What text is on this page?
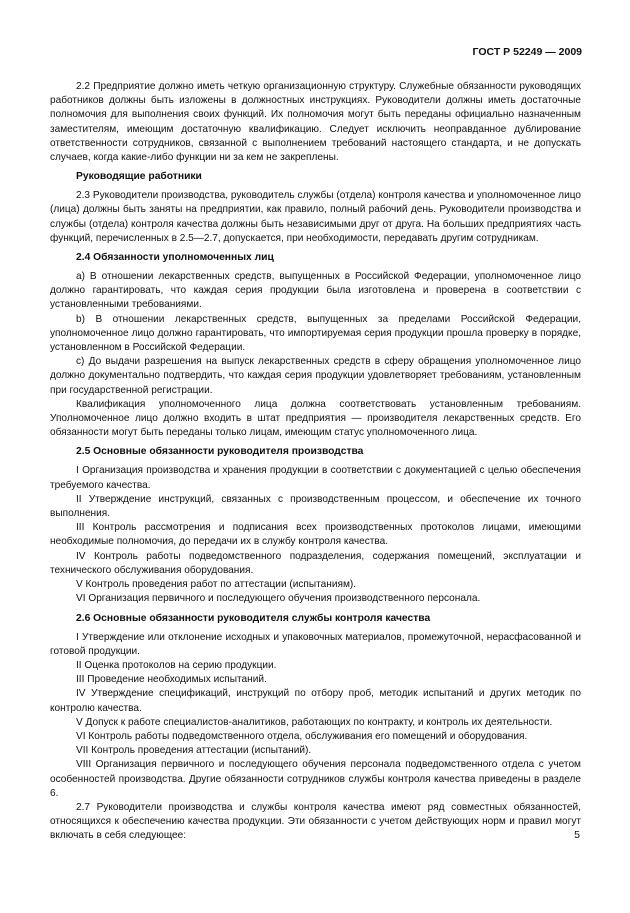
ГОСТ Р 52249 — 2009

2.2 Предприятие должно иметь четкую организационную структуру. Служебные обязанности руководящих работников должны быть изложены в должностных инструкциях. Руководители должны иметь достаточные полномочия для выполнения своих функций. Их полномочия могут быть переданы официально назначенным заместителям, имеющим достаточную квалификацию. Следует исключить неоправданное дублирование ответственности сотрудников, связанной с выполнением требований настоящего стандарта, и не допускать случаев, когда какие-либо функции ни за кем не закреплены.

Руководящие работники

2.3 Руководители производства, руководитель службы (отдела) контроля качества и уполномоченное лицо (лица) должны быть заняты на предприятии, как правило, полный рабочий день. Руководители производства и службы (отдела) контроля качества должны быть независимыми друг от друга. На больших предприятиях часть функций, перечисленных в 2.5—2.7, допускается, при необходимости, передавать другим сотрудникам.

2.4 Обязанности уполномоченных лиц

а) В отношении лекарственных средств, выпущенных в Российской Федерации, уполномоченное лицо должно гарантировать, что каждая серия продукции была изготовлена и проверена в соответствии с установленными требованиями.

b) В отношении лекарственных средств, выпущенных за пределами Российской Федерации, уполномоченное лицо должно гарантировать, что импортируемая серия продукции прошла проверку в порядке, установленном в Российской Федерации.

с) До выдачи разрешения на выпуск лекарственных средств в сферу обращения уполномоченное лицо должно документально подтвердить, что каждая серия продукции удовлетворяет требованиям, установленным при государственной регистрации.

Квалификация уполномоченного лица должна соответствовать установленным требованиям. Уполномоченное лицо должно входить в штат предприятия — производителя лекарственных средств. Его обязанности могут быть переданы только лицам, имеющим статус уполномоченного лица.

2.5 Основные обязанности руководителя производства

I Организация производства и хранения продукции в соответствии с документацией с целью обеспечения требуемого качества.

II Утверждение инструкций, связанных с производственным процессом, и обеспечение их точного выполнения.

III Контроль рассмотрения и подписания всех производственных протоколов лицами, имеющими необходимые полномочия, до передачи их в службу контроля качества.

IV Контроль работы подведомственного подразделения, содержания помещений, эксплуатации и технического обслуживания оборудования.

V Контроль проведения работ по аттестации (испытаниям).

VI Организация первичного и последующего обучения производственного персонала.

2.6 Основные обязанности руководителя службы контроля качества

I Утверждение или отклонение исходных и упаковочных материалов, промежуточной, нерасфасованной и готовой продукции.

II Оценка протоколов на серию продукции.

III Проведение необходимых испытаний.

IV Утверждение спецификаций, инструкций по отбору проб, методик испытаний и других методик по контролю качества.

V Допуск к работе специалистов-аналитиков, работающих по контракту, и контроль их деятельности.

VI Контроль работы подведомственного отдела, обслуживания его помещений и оборудования.

VII Контроль проведения аттестации (испытаний).

VIII Организация первичного и последующего обучения персонала подведомственного отдела с учетом особенностей производства. Другие обязанности сотрудников службы контроля качества приведены в разделе 6.

2.7 Руководители производства и службы контроля качества имеют ряд совместных обязанностей, относящихся к обеспечению качества продукции. Эти обязанности с учетом действующих норм и правил могут включать в себя следующее:	5
